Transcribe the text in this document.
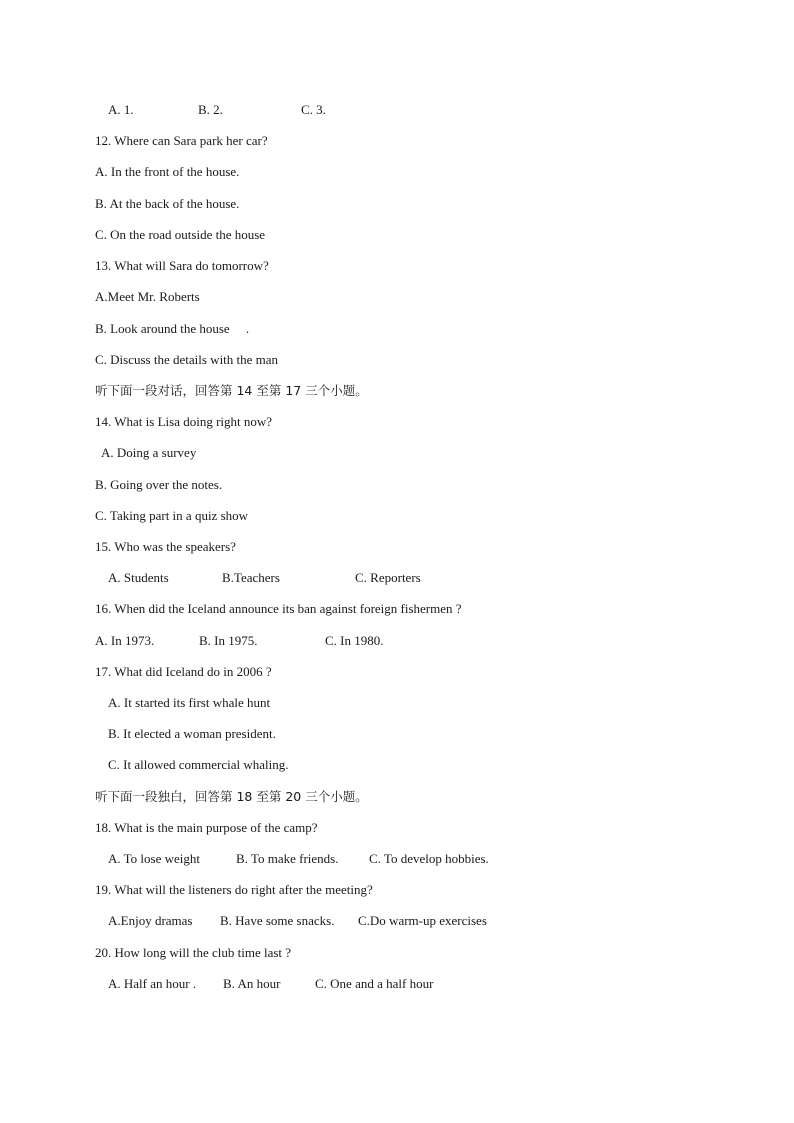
A. 1.

	B. 2.

	C. 3.

12. Where can Sara park her car?
A. In the front of the house.
B. At the back of the house.
C. On the road outside the house
13. What will Sara do tomorrow?
A.Meet Mr. Roberts
B. Look around the house     .
C. Discuss the details with the man
听下面一段对话，回答第 14 至第 17 三个小题。
14. What is Lisa doing right now?
A. Doing a survey
B. Going over the notes.
C. Taking part in a quiz show
15. Who was the speakers?

A. Students

	B.Teachers

	C. Reporters

16. When did the Iceland announce its ban against foreign fishermen ?

A. In 1973.

	B. In 1975.

	C. In 1980.

17. What did Iceland do in 2006 ?
A. It started its first whale hunt
B. It elected a woman president.
C. It allowed commercial whaling.
听下面一段独白，回答第 18 至第 20 三个小题。
18. What is the main purpose of the camp?

A. To lose weight

	B. To make friends.

C. To develop hobbies.

19. What will the listeners do right after the meeting?

A.Enjoy dramas

B. Have some snacks.

C.Do warm-up exercises

20. How long will the club time last ?

A. Half an hour .

B. An hour

	C. One and a half hour
